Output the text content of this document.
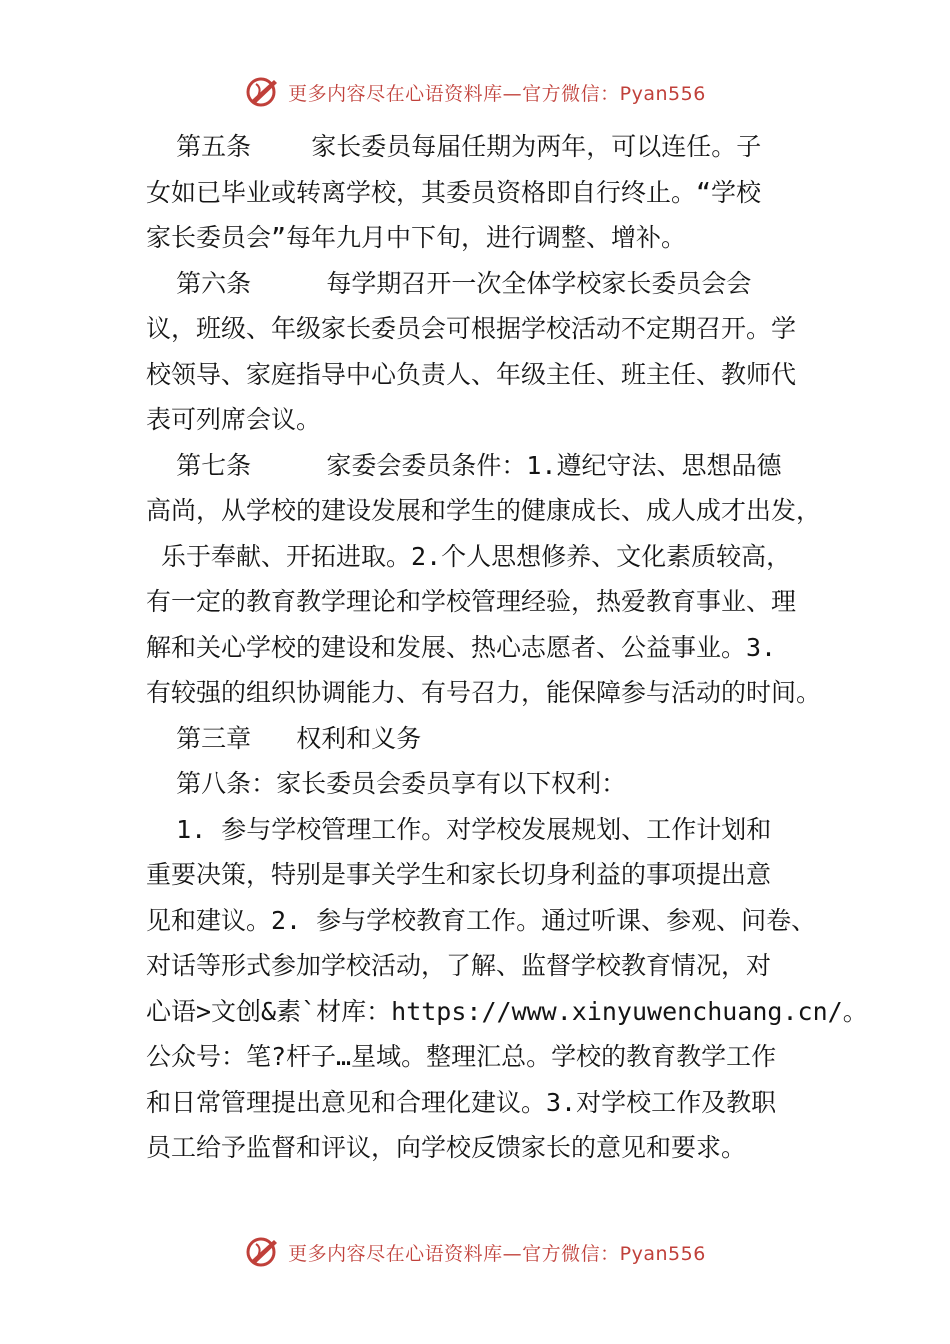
更多内容尽在心语资料库—官方微信：Pyan556

第五条    家长委员每届任期为两年，可以连任。子

女如已毕业或转离学校，其委员资格即自行终止。“学校

家长委员会”每年九月中下旬，进行调整、增补。

第六条     每学期召开一次全体学校家长委员会会

议，班级、年级家长委员会可根据学校活动不定期召开。学

校领导、家庭指导中心负责人、年级主任、班主任、教师代

表可列席会议。

第七条     家委会委员条件：1.遵纪守法、思想品德

高尚，从学校的建设发展和学生的健康成长、成人成才出发，

乐于奉献、开拓进取。2.个人思想修养、文化素质较高，

有一定的教育教学理论和学校管理经验，热爱教育事业、理

解和关心学校的建设和发展、热心志愿者、公益事业。3.

有较强的组织协调能力、有号召力，能保障参与活动的时间。

第三章   权利和义务

第八条：家长委员会委员享有以下权利：

1. 参与学校管理工作。对学校发展规划、工作计划和

重要决策，特别是事关学生和家长切身利益的事项提出意

见和建议。2. 参与学校教育工作。通过听课、参观、问卷、

对话等形式参加学校活动，了解、监督学校教育情况，对

心语>文创&素`材库：https://www.xinyuwenchuang.cn/。

公众号：笔?杆子…星域。整理汇总。学校的教育教学工作

和日常管理提出意见和合理化建议。3.对学校工作及教职

员工给予监督和评议，向学校反馈家长的意见和要求。

更多内容尽在心语资料库—官方微信：Pyan556
